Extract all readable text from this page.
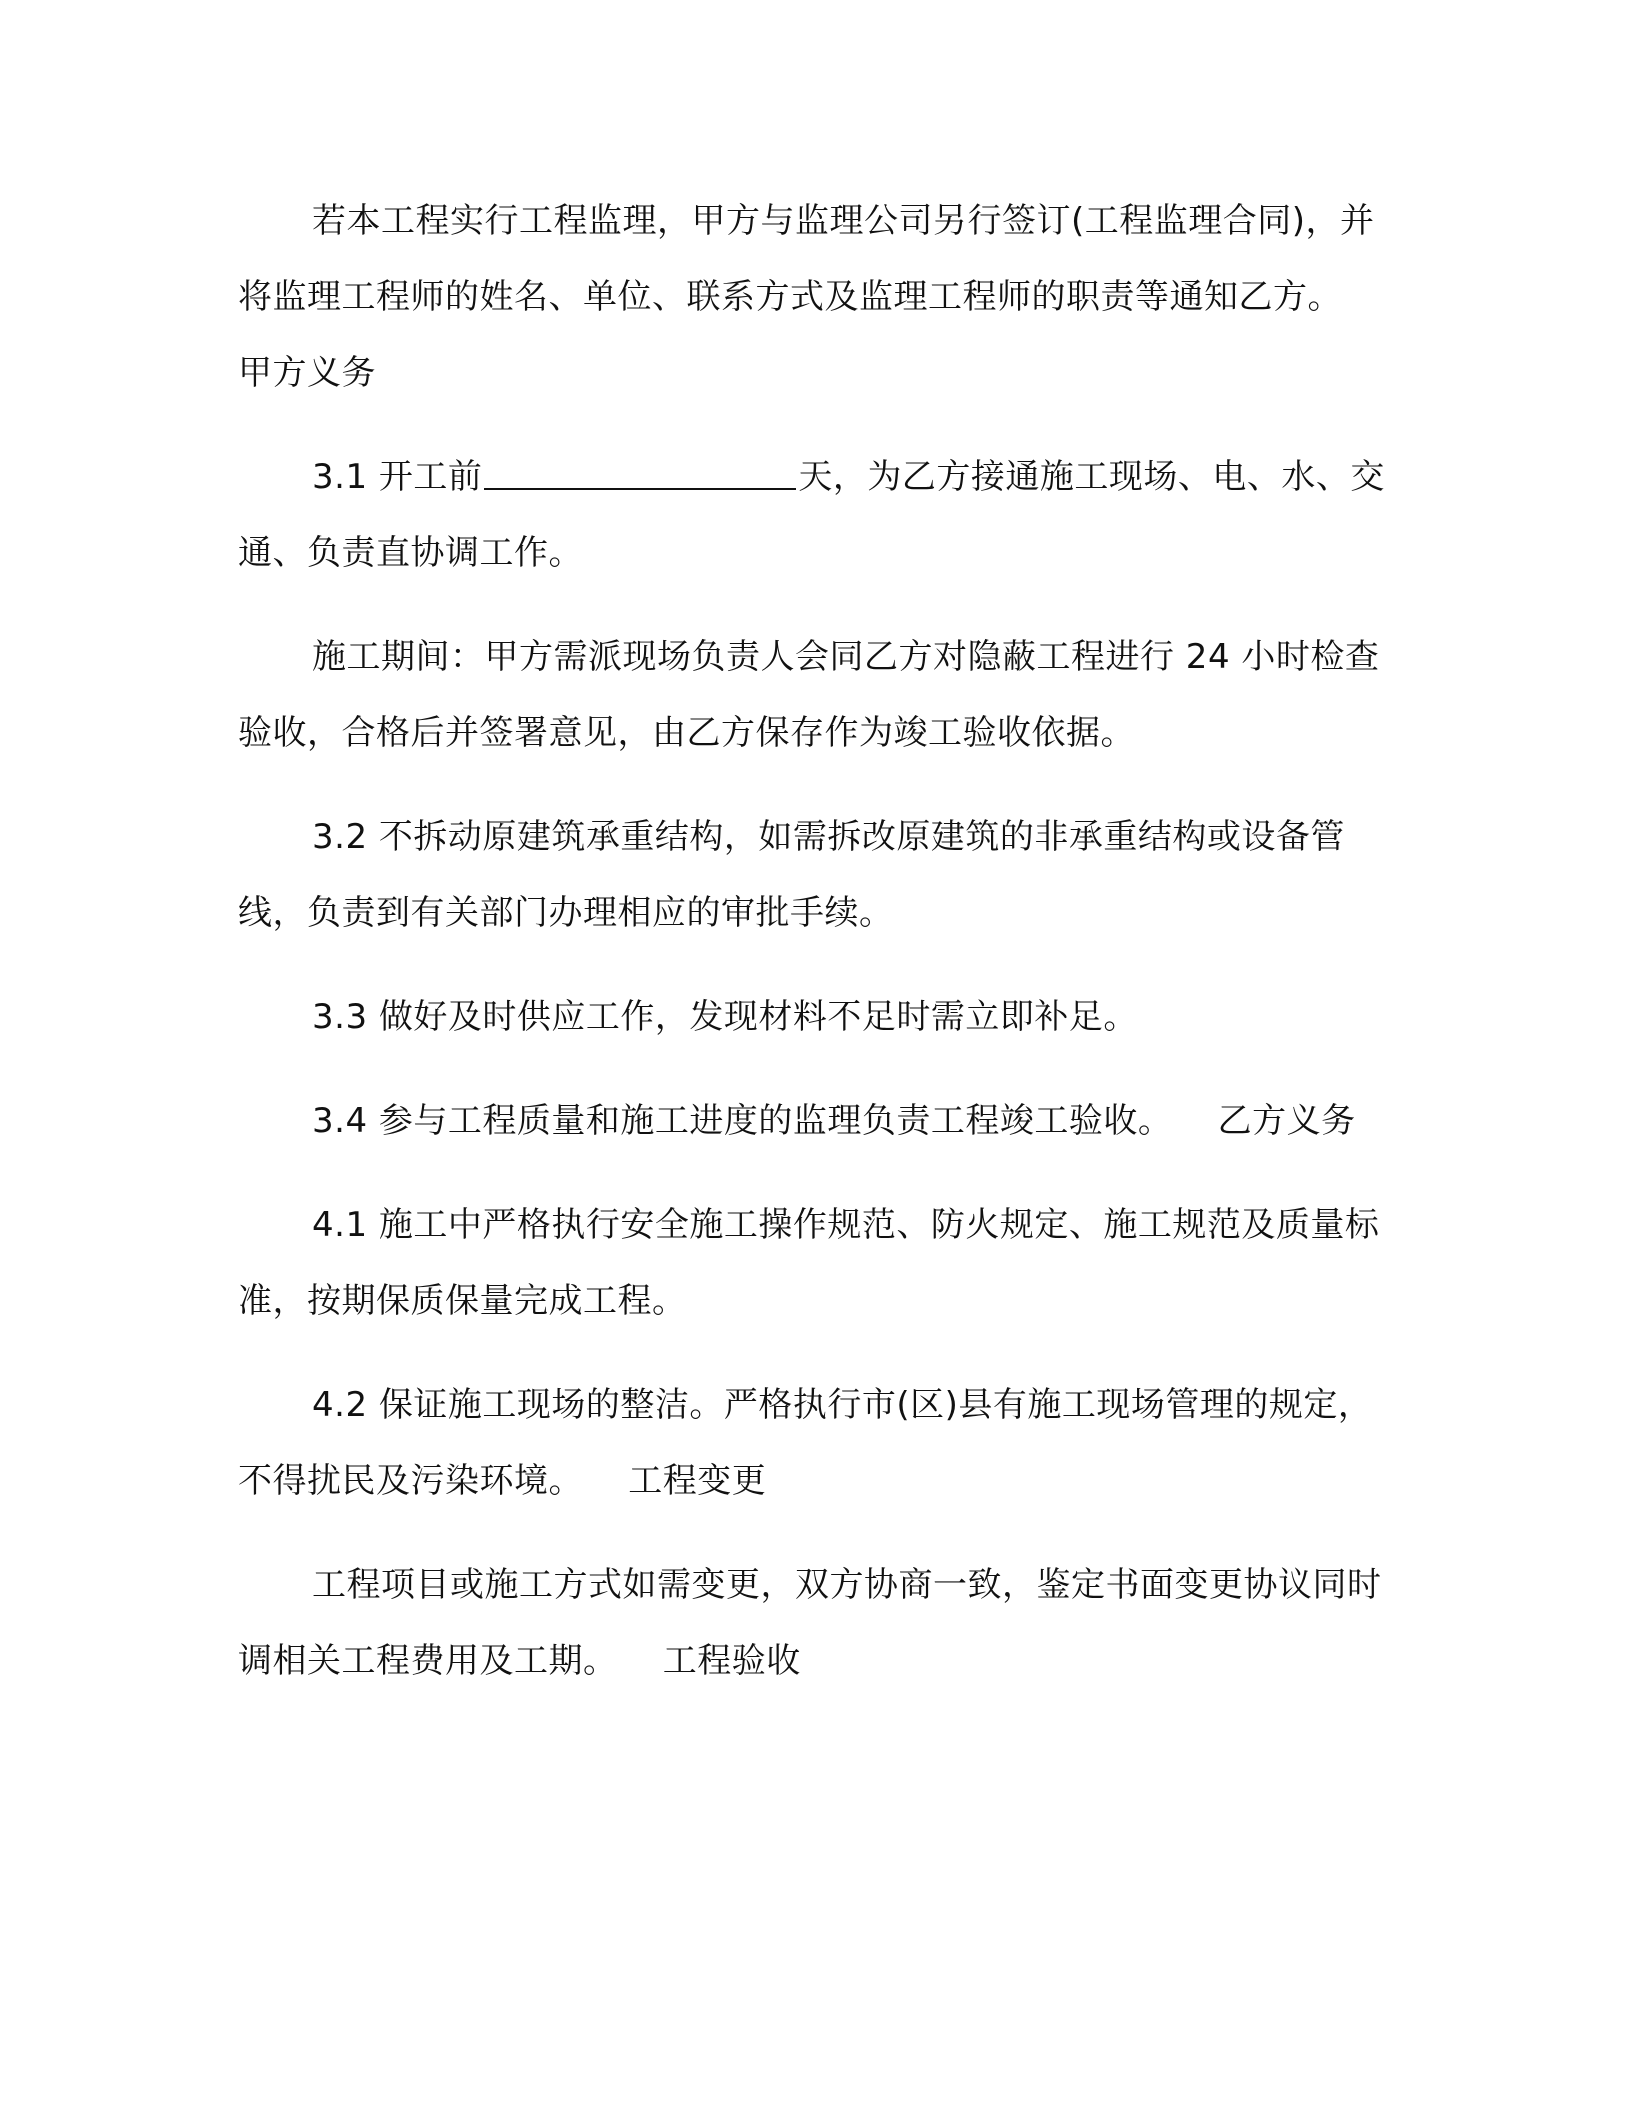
若本工程实行工程监理，甲方与监理公司另行签订(工程监理合同)，并将监理工程师的姓名、单位、联系方式及监理工程师的职责等通知乙方。    甲方义务

3.1 开工前	天，为乙方接通施工现场、电、水、交通、负责直协调工作。

施工期间：甲方需派现场负责人会同乙方对隐蔽工程进行 24 小时检查验收，合格后并签署意见，由乙方保存作为竣工验收依据。

3.2 不拆动原建筑承重结构，如需拆改原建筑的非承重结构或设备管线，负责到有关部门办理相应的审批手续。

3.3 做好及时供应工作，发现材料不足时需立即补足。

3.4 参与工程质量和施工进度的监理负责工程竣工验收。    乙方义务

4.1 施工中严格执行安全施工操作规范、防火规定、施工规范及质量标准，按期保质保量完成工程。

4.2 保证施工现场的整洁。严格执行市(区)县有施工现场管理的规定，不得扰民及污染环境。    工程变更

工程项目或施工方式如需变更，双方协商一致，鉴定书面变更协议同时调相关工程费用及工期。    工程验收
